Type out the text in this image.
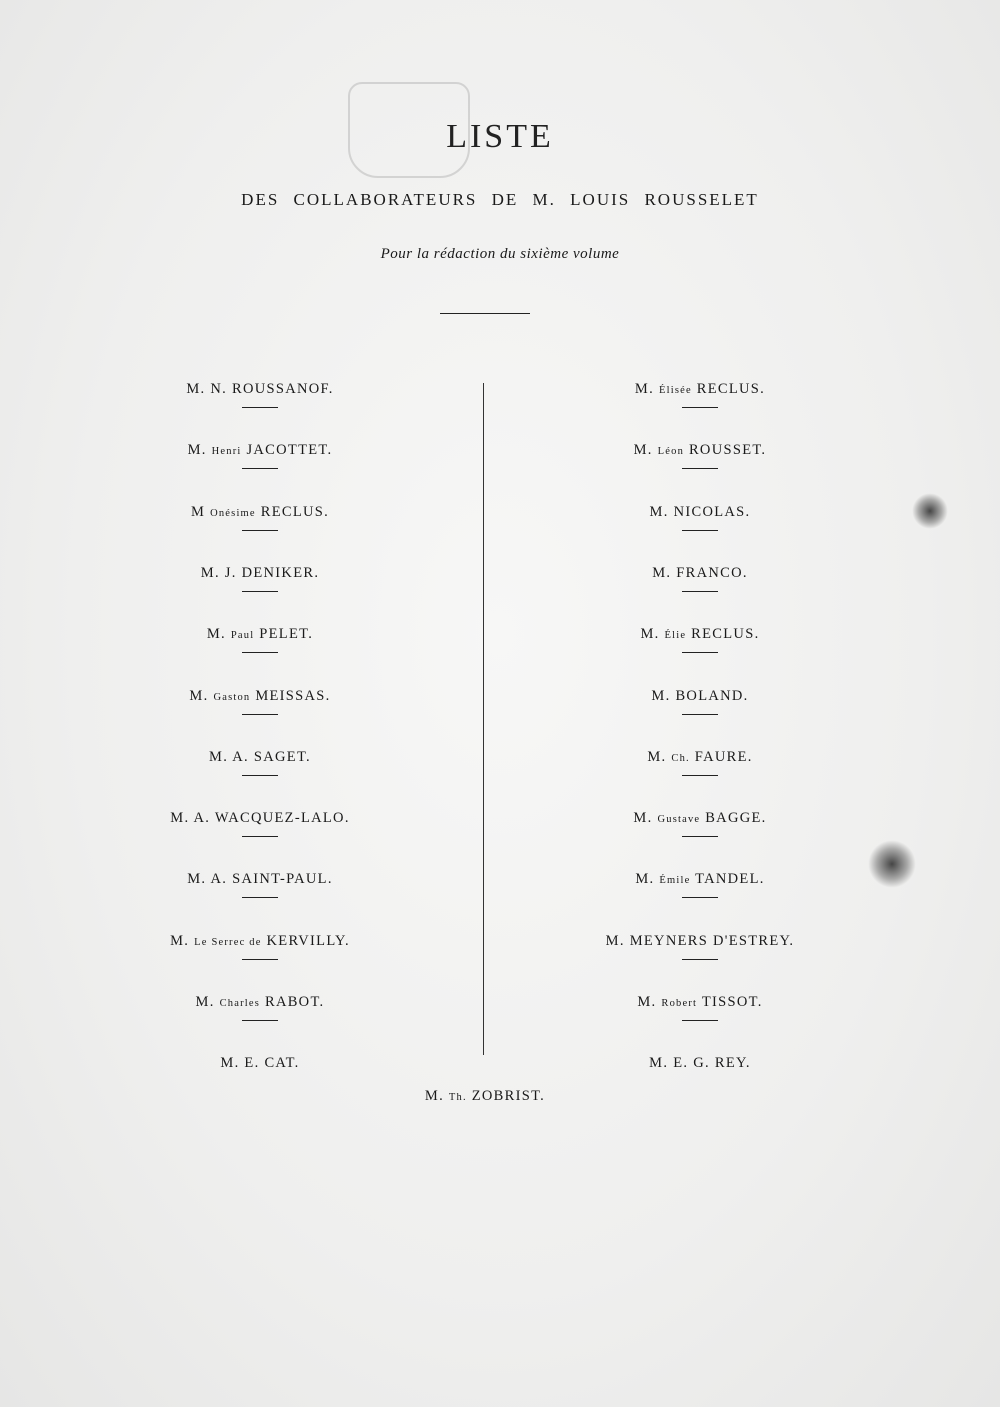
LISTE
DES COLLABORATEURS DE M. LOUIS ROUSSELET
Pour la rédaction du sixième volume
M. N. ROUSSANOF.
M. Henri JACOTTET.
M Onésime RECLUS.
M. J. DENIKER.
M. Paul PELET.
M. Gaston MEISSAS.
M. A. SAGET.
M. A. WACQUEZ-LALO.
M. A. SAINT-PAUL.
M. Le Serrec de KERVILLY.
M. Charles RABOT.
M. E. CAT.
M. Élisée RECLUS.
M. Léon ROUSSET.
M. NICOLAS.
M. FRANCO.
M. Élie RECLUS.
M. BOLAND.
M. Ch. FAURE.
M. Gustave BAGGE.
M. Émile TANDEL.
M. MEYNERS D'ESTREY.
M. Robert TISSOT.
M. E. G. REY.
M. Th. ZOBRIST.
